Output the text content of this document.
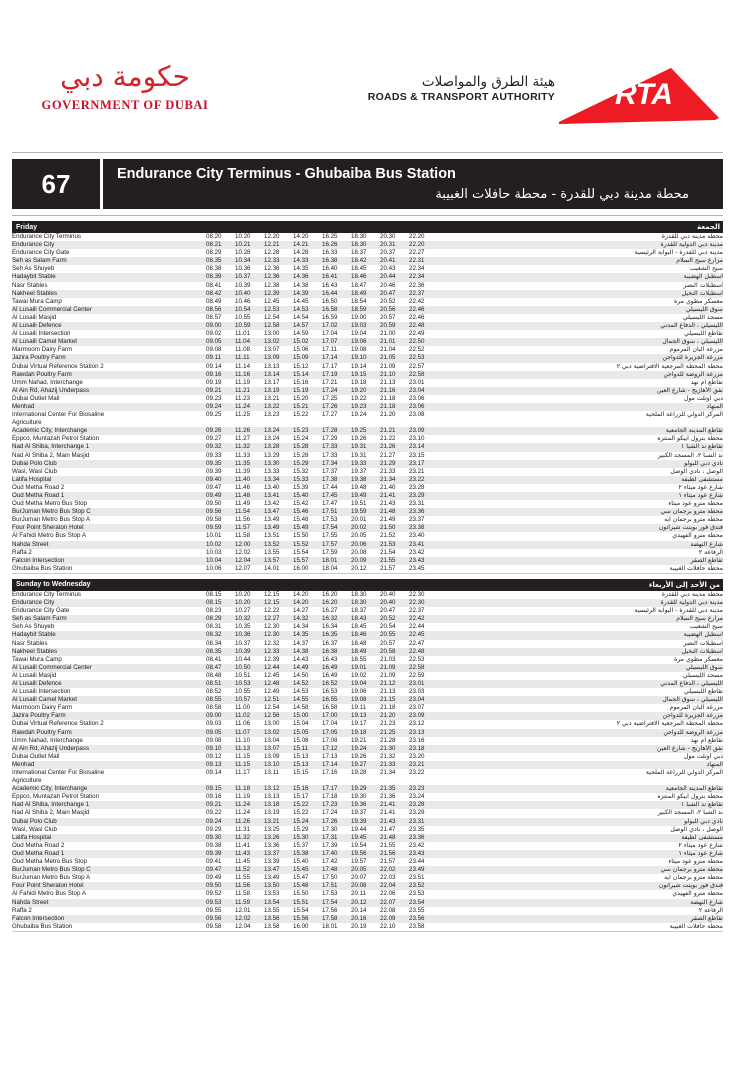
حكومة دبي
GOVERNMENT OF DUBAI
هيئة الطرق والمواصلات
ROADS & TRANSPORT AUTHORITY RTA
67	Endurance City Terminus - Ghubaiba Bus Station
محطة مدينة دبي للقدرة - محطة حافلات الغبيبة
Friday	الجمعة
Endurance City Terminus	08.20	10.20	12.20	14.20	16.25	18.30	20.30	22.20		محطة مدينة دبي للقدرة
Endurance City	08.21	10.21	12.21	14.21	16.26	18.30	20.31	22.20		مدينة دبي الدولية للقدرة
Endurance City Gate	08.29	10.28	12.28	14.28	16.33	18.37	20.37	22.27		مدينة دبي للقدرة - البوابة الرئيسية
Seh as Salam Farm	08.35	10.34	12.33	14.33	16.38	18.42	20.41	22.31		مزارع سيح السلام
Seh As Shuyeb	08.38	10.36	12.36	14.35	16.40	18.45	20.43	22.34		سيح الشعيب
Hadaybit Stable	08.39	10.37	12.36	14.36	16.41	18.46	20.44	22.34		اسطبل الهضيبة
Nasr Stables	08.41	10.39	12.38	14.38	16.43	18.47	20.46	22.36		اسطبلات النصر
Nakheel Stables	08.42	10.40	12.39	14.39	16.44	18.49	20.47	22.37		اسطبلات النخيل
Tawai Mura Camp	08.49	10.46	12.45	14.45	16.50	18.54	20.52	22.42		معسكر مطوي مرة
Al Lusaili Commercial Center	08.56	10.54	12.53	14.53	16.58	18.59	20.56	22.46		سوق الليسيلي
Al Lusaili Masjid	08.57	10.55	12.54	14.54	16.59	19.00	20.57	22.46		مسجد الليسيلي
Al Lusaili Defence	09.00	10.59	12.58	14.57	17.02	19.03	20.59	22.48		الليسيلي ، الدفاع المدني
Al Lusaili Intersection	09.02	11.01	13.00	14.59	17.04	19.04	21.00	22.49		تقاطع الليسيلي
Al Lusaili Camel Market	09.05	11.04	13.02	15.02	17.07	19.06	21.01	22.50		الليسيلي ، سوق الجمال
Marmoom Dairy Farm	09.08	11.08	13.07	15.06	17.11	19.08	21.04	22.52		مزرعة البان المرموم
Jazira Poultry Farm	09.11	11.11	13.09	15.09	17.14	19.10	21.05	22.53		مزرعة الجزيرة للدواجن
Dubai Virtual Reference Station 2	09.14	11.14	13.13	15.12	17.17	19.14	21.09	22.57		محطة المحطة المرجعية الافتراضية دبي ٢
Rawdah Poultry Farm	09.16	11.16	13.14	15.14	17.19	19.15	21.10	22.58		مزرعة الروضة للدواجن
Umm Nahad, Interchange	09.19	11.19	13.17	15.16	17.21	19.18	21.13	23.01		تقاطع ام نهد
Al Ain Rd, Ahazij Underpass	09.21	11.21	13.19	15.19	17.24	19.20	21.16	23.04		نفق الأهازيج - شارع العين
Dubai Outlet Mall	09.23	11.23	13.21	15.20	17.25	19.22	21.18	23.06		دبي اوتلت مول
Menhad	09.24	11.24	13.22	15.21	17.26	19.23	21.18	23.06		المنهاد
International Center For Biosaline
Agriculture	09.25	11.25	13.23	15.22	17.27	19.24	21.20	23.08		المركز الدولي للزراعة الملحية
Academic City, Interchange	09.26	11.26	13.24	15.23	17.28	19.25	21.21	23.09		تقاطع المدينة الجامعية
Eppco, Muntazah Petrol Station	09.27	11.27	13.24	15.24	17.29	19.26	21.22	23.10		محطة بترول ايبكو المنتزه
Nad Al Shiba, Interchange 1	09.32	11.32	13.28	15.28	17.33	19.31	21.26	23.14		تقاطع ند الشبا ١
Nad Al Shiba 2, Main Masjid	09.33	11.33	13.29	15.28	17.33	19.31	21.27	23.15		ند الشبا ٢، المسجد الكبير
Dubai Polo Club	09.35	11.35	13.30	15.29	17.34	19.33	21.29	23.17		نادي دبي للبولو
Wasl, Wasl Club	09.39	11.39	13.33	15.32	17.37	19.37	21.33	23.21		الوصل ، نادي الوصل
Latifa Hospital	09.40	11.40	13.34	15.33	17.38	19.38	21.34	23.22		مستشفى لطيفة
Oud Metha Road 2	09.47	11.46	13.40	15.39	17.44	19.48	21.40	23.28		شارع عود ميثاء ٢
Oud Metha Road 1	09.49	11.48	13.41	15.40	17.45	19.49	21.41	23.29		شارع عود ميثاء ١
Oud Metha Metro Bus Stop	09.50	11.49	13.42	15.42	17.47	19.51	21.43	23.31		محطة مترو عود ميثاء
BurJuman Metro Bus Stop C	09.56	11.54	13.47	15.46	17.51	19.59	21.48	23.36		محطة مترو برجمان سي
BurJuman Metro Bus Stop A	09.58	11.56	13.49	15.48	17.53	20.01	21.49	23.37		محطة مترو برجمان ايه
Four Point Sheraton Hotel	09.59	11.57	13.49	15.49	17.54	20.02	21.50	23.38		فندق فور بوينت شيراتون
Al Fahidi Metro Bus Stop A	10.01	11.58	13.51	15.50	17.55	20.05	21.52	23.40		محطة مترو الفهيدي
Nahda Street	10.02	12.00	13.52	15.52	17.57	20.06	21.53	23.41		شارع النهضة
Raffa 2	10.03	12.02	13.55	15.54	17.59	20.08	21.54	23.42		الرفاعة ٢
Falcon Intersection	10.04	12.04	13.57	15.57	18.01	20.09	21.55	23.43		تقاطع الصقر
Ghubaiba Bus Station	10.06	12.07	14.01	16.00	18.04	20.12	21.57	23.45		محطة حافلات الغبيبة
Sunday to Wednesday	من الأحد إلى الأربعاء
Endurance City Terminus	08.15	10.20	12.15	14.20	16.20	18.30	20.40	22.30		محطة مدينة دبي للقدرة
Endurance City	08.15	10.20	12.15	14.20	16.20	18.30	20.40	22.30		مدينة دبي الدولية للقدرة
Endurance City Gate	08.23	10.27	12.22	14.27	16.27	18.37	20.47	22.37		مدينة دبي للقدرة - البوابة الرئيسية
Seh as Salam Farm	08.29	10.32	12.27	14.32	16.32	18.43	20.52	22.42		مزارع سيح السلام
Seh As Shuyeb	08.31	10.35	12.30	14.34	16.34	18.45	20.54	22.44		سيح الشعيب
Hadaybit Stable	08.32	10.36	12.30	14.35	16.35	18.46	20.55	22.45		اسطبل الهضيبة
Nasr Stables	08.34	10.37	12.32	14.37	16.37	18.48	20.57	22.47		اسطبلات النصر
Nakheel Stables	08.35	10.39	12.33	14.38	16.38	18.49	20.58	22.48		اسطبلات النخيل
Tawai Mura Camp	08.41	10.44	12.39	14.43	16.43	18.55	21.03	22.53		معسكر مطوي مرة
Al Lusaili Commercial Center	08.47	10.50	12.44	14.49	16.49	19.01	21.09	22.58		سوق الليسيلي
Al Lusaili Masjid	08.48	10.51	12.45	14.50	16.49	19.02	21.09	22.59		مسجد الليسيلي
Al Lusaili Defence	08.51	10.53	12.48	14.52	16.52	19.04	21.12	23.01		الليسيلي ، الدفاع المدني
Al Lusaili Intersection	08.52	10.55	12.49	14.53	16.53	19.06	21.13	23.03		تقاطع الليسيلي
Al Lusaili Camel Market	08.55	10.57	12.51	14.55	16.55	19.08	21.15	23.04		الليسيلي ، سوق الجمال
Marmoom Dairy Farm	08.58	11.00	12.54	14.58	16.58	19.11	21.18	23.07		مزرعة البان المرموم
Jazira Poultry Farm	09.00	11.02	12.56	15.00	17.00	19.13	21.20	23.09		مزرعة الجزيرة للدواجن
Dubai Virtual Reference Station 2	09.03	11.06	13.00	15.04	17.04	19.17	21.23	23.12		محطة المحطة المرجعية الافتراضية دبي ٢
Rawdah Poultry Farm	09.05	11.07	13.02	15.05	17.05	19.18	21.25	23.13		مزرعة الروضة للدواجن
Umm Nahad, Interchange	09.08	11.10	13.04	15.08	17.08	19.21	21.28	23.16		تقاطع ام نهد
Al Ain Rd, Ahazij Underpass	09.10	11.13	13.07	15.11	17.12	19.24	21.30	23.18		نفق الأهازيج - شارع العين
Dubai Outlet Mall	09.12	11.15	13.09	15.13	17.13	19.26	21.32	23.20		دبي اوتلت مول
Menhad	09.13	11.15	13.10	15.13	17.14	19.27	21.33	23.21		المنهاد
International Center For Biosaline
Agriculture	09.14	11.17	13.11	15.15	17.16	19.28	21.34	23.22		المركز الدولي للزراعة الملحية
Academic City, Interchange	09.15	11.18	13.12	15.16	17.17	19.29	21.35	23.23		تقاطع المدينة الجامعية
Eppco, Muntazah Petrol Station	09.16	11.19	13.13	15.17	17.18	19.30	21.36	23.24		محطة بترول ايبكو المنتزه
Nad Al Shiba, Interchange 1	09.21	11.24	13.18	15.22	17.23	19.36	21.41	23.28		تقاطع ند الشبا ١
Nad Al Shiba 2, Main Masjid	09.22	11.24	13.19	15.22	17.24	19.37	21.41	23.29		ند الشبا ٢، المسجد الكبير
Dubai Polo Club	09.24	11.26	13.21	15.24	17.26	19.39	21.43	23.31		نادي دبي للبولو
Wasl, Wasl Club	09.29	11.31	13.25	15.29	17.30	19.44	21.47	23.35		الوصل ، نادي الوصل
Latifa Hospital	09.30	11.32	13.26	15.30	17.31	19.45	21.48	23.36		مستشفى لطيفة
Oud Metha Road 2	09.38	11.41	13.36	15.37	17.39	19.54	21.55	23.42		شارع عود ميثاء ٢
Oud Metha Road 1	09.39	11.43	13.37	15.38	17.40	19.56	21.56	23.43		شارع عود ميثاء ١
Oud Metha Metro Bus Stop	09.41	11.45	13.39	15.40	17.42	19.57	21.57	23.44		محطة مترو عود ميثاء
BurJuman Metro Bus Stop C	09.47	11.52	13.47	15.45	17.48	20.05	22.02	23.49		محطة مترو برجمان سي
BurJuman Metro Bus Stop A	09.49	11.55	13.49	15.47	17.50	20.07	22.03	23.51		محطة مترو برجمان ايه
Four Point Sheraton Hotel	09.50	11.56	13.50	15.48	17.51	20.08	22.04	23.52		فندق فور بوينت شيراتون
Al Fahidi Metro Bus Stop A	09.52	11.58	13.53	15.50	17.53	20.11	22.06	23.53		محطة مترو الفهيدي
Nahda Street	09.53	11.59	13.54	15.51	17.54	20.12	22.07	23.54		شارع النهضة
Raffa 2	09.55	12.01	13.55	15.54	17.56	20.14	22.08	23.55		الرفاعة ٢
Falcon Intersection	09.56	12.02	13.56	15.56	17.58	20.16	22.09	23.56		تقاطع الصقر
Ghubaiba Bus Station	09.58	12.04	13.58	16.00	18.01	20.19	22.10	23.58		محطة حافلات الغبيبة
